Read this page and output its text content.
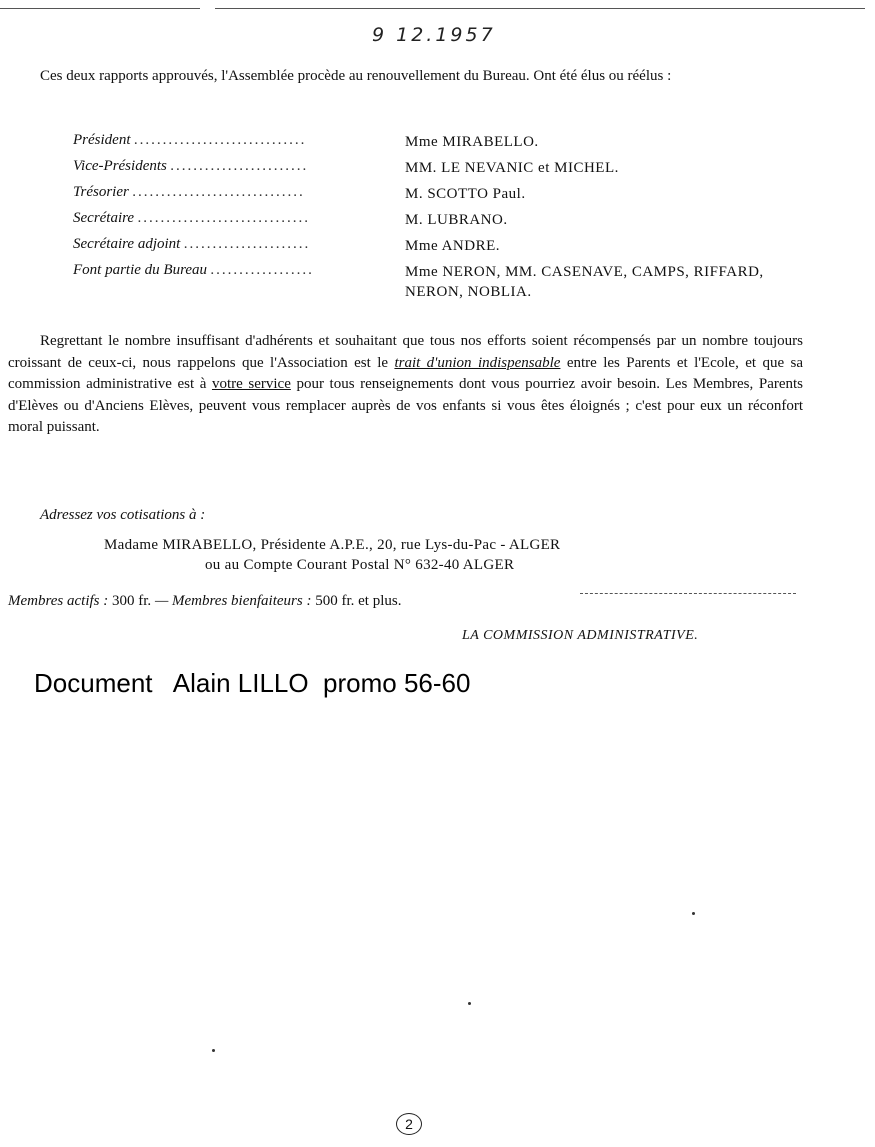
9 12.1957
Ces deux rapports approuvés, l'Assemblée procède au renouvellement du Bureau. Ont été élus ou réélus :
Président ..............................	Mme MIRABELLO.
Vice-Présidents ........................	MM. LE NEVANIC et MICHEL.
Trésorier ..............................	M. SCOTTO Paul.
Secrétaire ..............................	M. LUBRANO.
Secrétaire adjoint ......................	Mme ANDRE.
Font partie du Bureau ..................	Mme NERON, MM. CASENAVE, CAMPS, RIFFARD, NERON, NOBLIA.
Regrettant le nombre insuffisant d'adhérents et souhaitant que tous nos efforts soient récompensés par un nombre toujours croissant de ceux-ci, nous rappelons que l'Association est le trait d'union indispensable entre les Parents et l'Ecole, et que sa commission administrative est à votre service pour tous renseignements dont vous pourriez avoir besoin. Les Membres, Parents d'Elèves ou d'Anciens Elèves, peuvent vous remplacer auprès de vos enfants si vous êtes éloignés ; c'est pour eux un réconfort moral puissant.
Adressez vos cotisations à :
Madame MIRABELLO, Présidente A.P.E., 20, rue Lys-du-Pac - ALGER
ou au Compte Courant Postal N° 632-40 ALGER
Membres actifs : 300 fr. — Membres bienfaiteurs : 500 fr. et plus.
LA COMMISSION ADMINISTRATIVE.
Document   Alain LILLO  promo 56-60
2
